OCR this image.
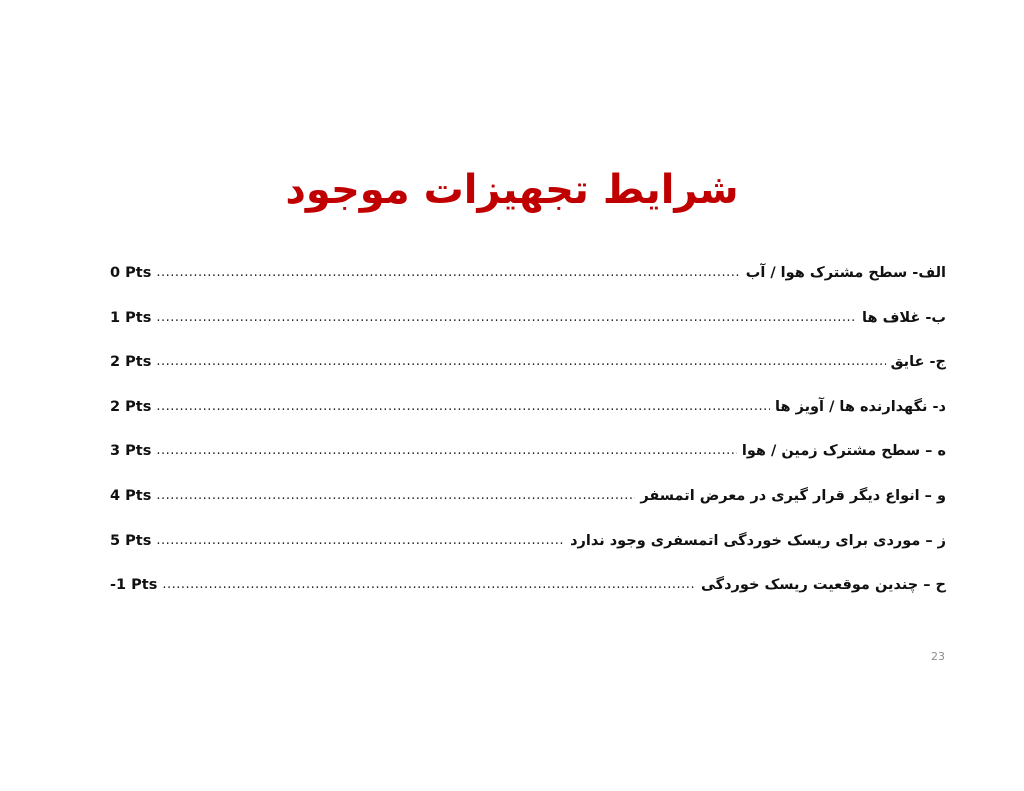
شرایط تجهیزات موجود
الف- سطح مشترک هوا / آب
.....
0 Pts
ب- غلاف ها
.....
1 Pts
ج- عایق
.....
2 Pts
د- نگهدارنده ها / آویز ها
.....
2 Pts
ه – سطح مشترک زمین / هوا
.....
3 Pts
و – انواع دیگر قرار گیری در معرض اتمسفر
.....
4 Pts
ز – موردی برای ریسک خوردگی اتمسفری وجود ندارد
.....
5 Pts
ح – چندین موقعیت ریسک خوردگی
.....
-1 Pts

23
